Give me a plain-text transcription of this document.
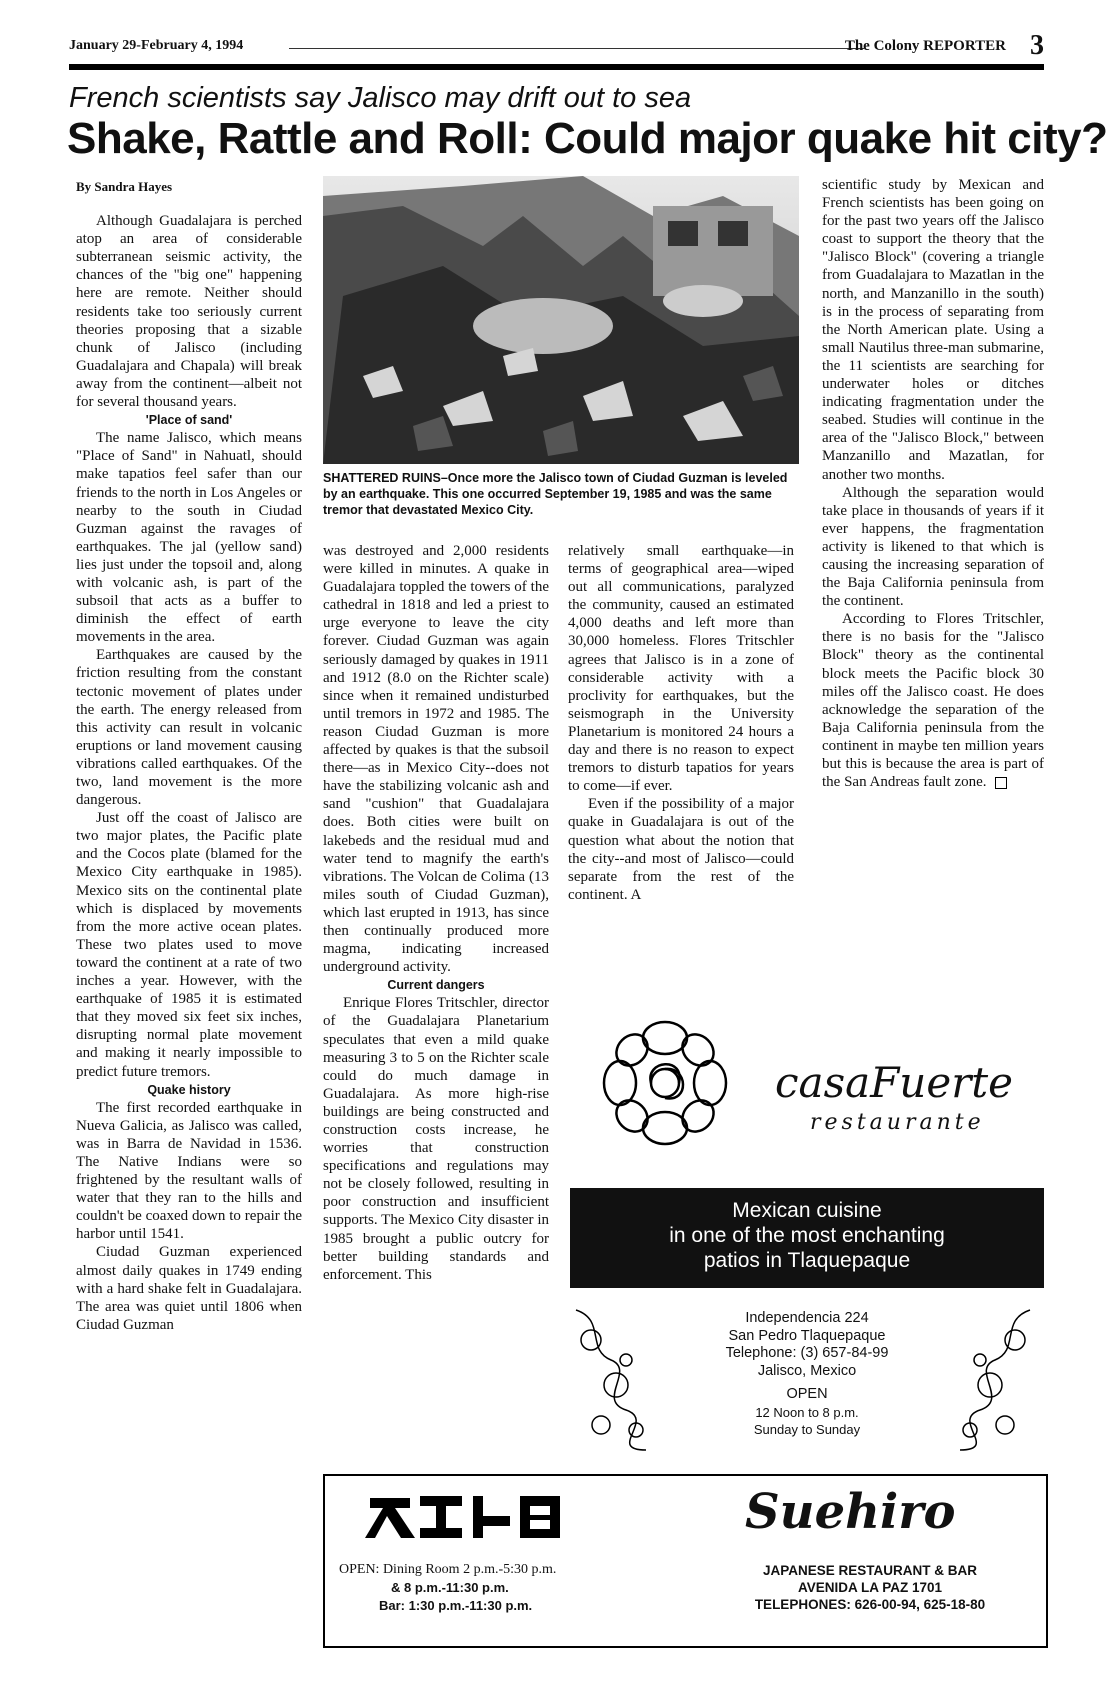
January 29-February 4, 1994	The Colony REPORTER 3
French scientists say Jalisco may drift out to sea
Shake, Rattle and Roll: Could major quake hit city?

By Sandra Hayes

Although Guadalajara is perched atop an area of considerable subterranean seismic activity, the chances of the "big one" happening here are remote. Neither should residents take too seriously current theories proposing that a sizable chunk of Jalisco (including Guadalajara and Chapala) will break away from the continent—albeit not for several thousand years.

'Place of sand'

The name Jalisco, which means "Place of Sand" in Nahuatl, should make tapatios feel safer than our friends to the north in Los Angeles or nearby to the south in Ciudad Guzman against the ravages of earthquakes. The jal (yellow sand) lies just under the topsoil and, along with volcanic ash, is part of the subsoil that acts as a buffer to diminish the effect of earth movements in the area.

Earthquakes are caused by the friction resulting from the constant tectonic movement of plates under the earth. The energy released from this activity can result in volcanic eruptions or land movement causing vibrations called earthquakes. Of the two, land movement is the more dangerous.

Just off the coast of Jalisco are two major plates, the Pacific plate and the Cocos plate (blamed for the Mexico City earthquake in 1985). Mexico sits on the continental plate which is displaced by movements from the more active ocean plates. These two plates used to move toward the continent at a rate of two inches a year. However, with the earthquake of 1985 it is estimated that they moved six feet six inches, disrupting normal plate movement and making it nearly impossible to predict future tremors.

Quake history

The first recorded earthquake in Nueva Galicia, as Jalisco was called, was in Barra de Navidad in 1536. The Native Indians were so frightened by the resultant walls of water that they ran to the hills and couldn't be coaxed down to repair the harbor until 1541.

Ciudad Guzman experienced almost daily quakes in 1749 ending with a hard shake felt in Guadalajara. The area was quiet until 1806 when Ciudad Guzman

SHATTERED RUINS–Once more the Jalisco town of Ciudad Guzman is leveled by an earthquake. This one occurred September 19, 1985 and was the same tremor that devastated Mexico City.

was destroyed and 2,000 residents were killed in minutes. A quake in Guadalajara toppled the towers of the cathedral in 1818 and led a priest to urge everyone to leave the city forever. Ciudad Guzman was again seriously damaged by quakes in 1911 and 1912 (8.0 on the Richter scale) since when it remained undisturbed until tremors in 1972 and 1985. The reason Ciudad Guzman is more affected by quakes is that the subsoil there—as in Mexico City--does not have the stabilizing volcanic ash and sand "cushion" that Guadalajara does. Both cities were built on lakebeds and the residual mud and water tend to magnify the earth's vibrations. The Volcan de Colima (13 miles south of Ciudad Guzman), which last erupted in 1913, has since then continually produced more magma, indicating increased underground activity.

Current dangers

Enrique Flores Tritschler, director of the Guadalajara Planetarium speculates that even a mild quake measuring 3 to 5 on the Richter scale could do much damage in Guadalajara. As more high-rise buildings are being constructed and construction costs increase, he worries that construction specifications and regulations may not be closely followed, resulting in poor construction and insufficient supports. The Mexico City disaster in 1985 brought a public outcry for better building standards and enforcement. This

relatively small earthquake—in terms of geographical area—wiped out all communications, paralyzed the community, caused an estimated 4,000 deaths and left more than 30,000 homeless. Flores Tritschler agrees that Jalisco is in a zone of considerable activity with a proclivity for earthquakes, but the seismograph in the University Planetarium is monitored 24 hours a day and there is no reason to expect tremors to disturb tapatios for years to come—if ever.

Even if the possibility of a major quake in Guadalajara is out of the question what about the notion that the city--and most of Jalisco—could separate from the rest of the continent. A

scientific study by Mexican and French scientists has been going on for the past two years off the Jalisco coast to support the theory that the "Jalisco Block" (covering a triangle from Guadalajara to Mazatlan in the north, and Manzanillo in the south) is in the process of separating from the North American plate. Using a small Nautilus three-man submarine, the 11 scientists are searching for underwater holes or ditches indicating fragmentation under the seabed. Studies will continue in the area of the "Jalisco Block," between Manzanillo and Mazatlan, for another two months.

Although the separation would take place in thousands of years if it ever happens, the fragmentation activity is likened to that which is causing the increasing separation of the Baja California peninsula from the continent.

According to Flores Tritschler, there is no basis for the "Jalisco Block" theory as the continental block meets the Pacific block 30 miles off the Jalisco coast. He does acknowledge the separation of the Baja California peninsula from the continent in maybe ten million years but this is because the area is part of the San Andreas fault zone.

casaFuerte
restaurante
Mexican cuisine
in one of the most enchanting
patios in Tlaquepaque
Independencia 224
San Pedro Tlaquepaque
Telephone: (3) 657-84-99
Jalisco, Mexico
OPEN
12 Noon to 8 p.m.
Sunday to Sunday
Suehiro
OPEN: Dining Room 2 p.m.-5:30 p.m.
& 8 p.m.-11:30 p.m.
Bar: 1:30 p.m.-11:30 p.m.
JAPANESE RESTAURANT & BAR
AVENIDA LA PAZ 1701
TELEPHONES: 626-00-94, 625-18-80
